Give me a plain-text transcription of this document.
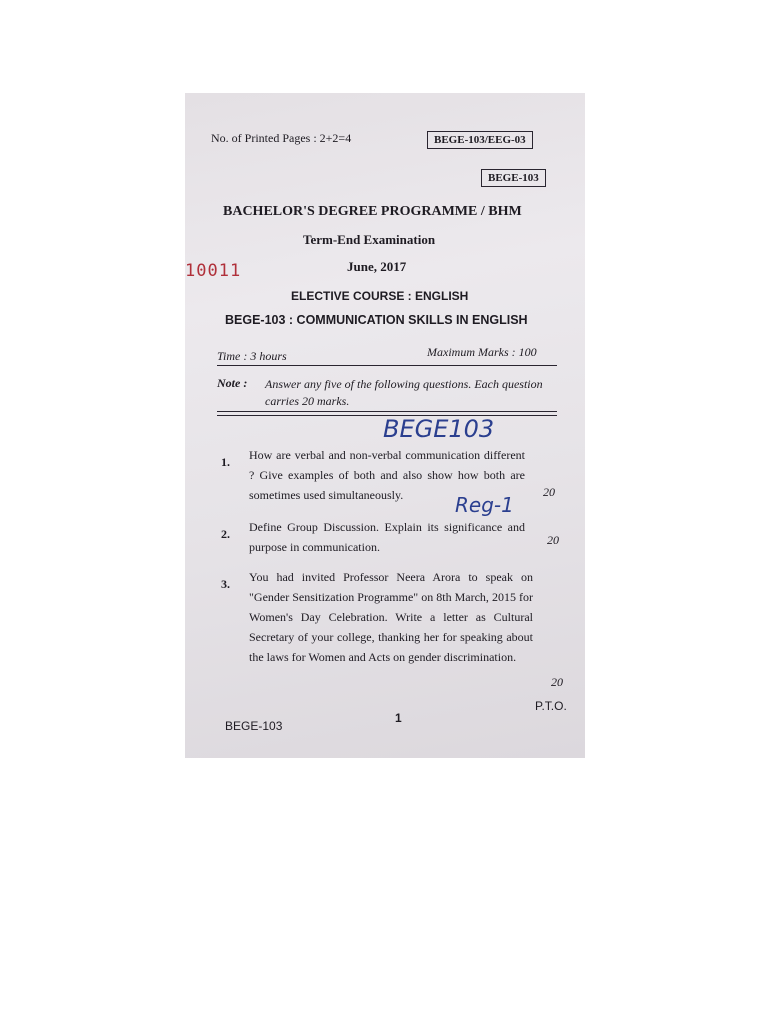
No. of Printed Pages : 2+2=4	BEGE-103/EEG-03
BEGE-103
BACHELOR'S DEGREE PROGRAMME / BHM
Term-End Examination
10011	June, 2017
ELECTIVE COURSE : ENGLISH
BEGE-103 : COMMUNICATION SKILLS IN ENGLISH
Time : 3 hours	Maximum Marks : 100
Note : Answer any five of the following questions. Each question carries 20 marks.
BEGE103
Reg-1
1. How are verbal and non-verbal communication different ? Give examples of both and also show how both are sometimes used simultaneously.	20
2. Define Group Discussion. Explain its significance and purpose in communication.	20
3. You had invited Professor Neera Arora to speak on "Gender Sensitization Programme" on 8th March, 2015 for Women's Day Celebration. Write a letter as Cultural Secretary of your college, thanking her for speaking about the laws for Women and Acts on gender discrimination.
20
P.T.O.
BEGE-103
1
